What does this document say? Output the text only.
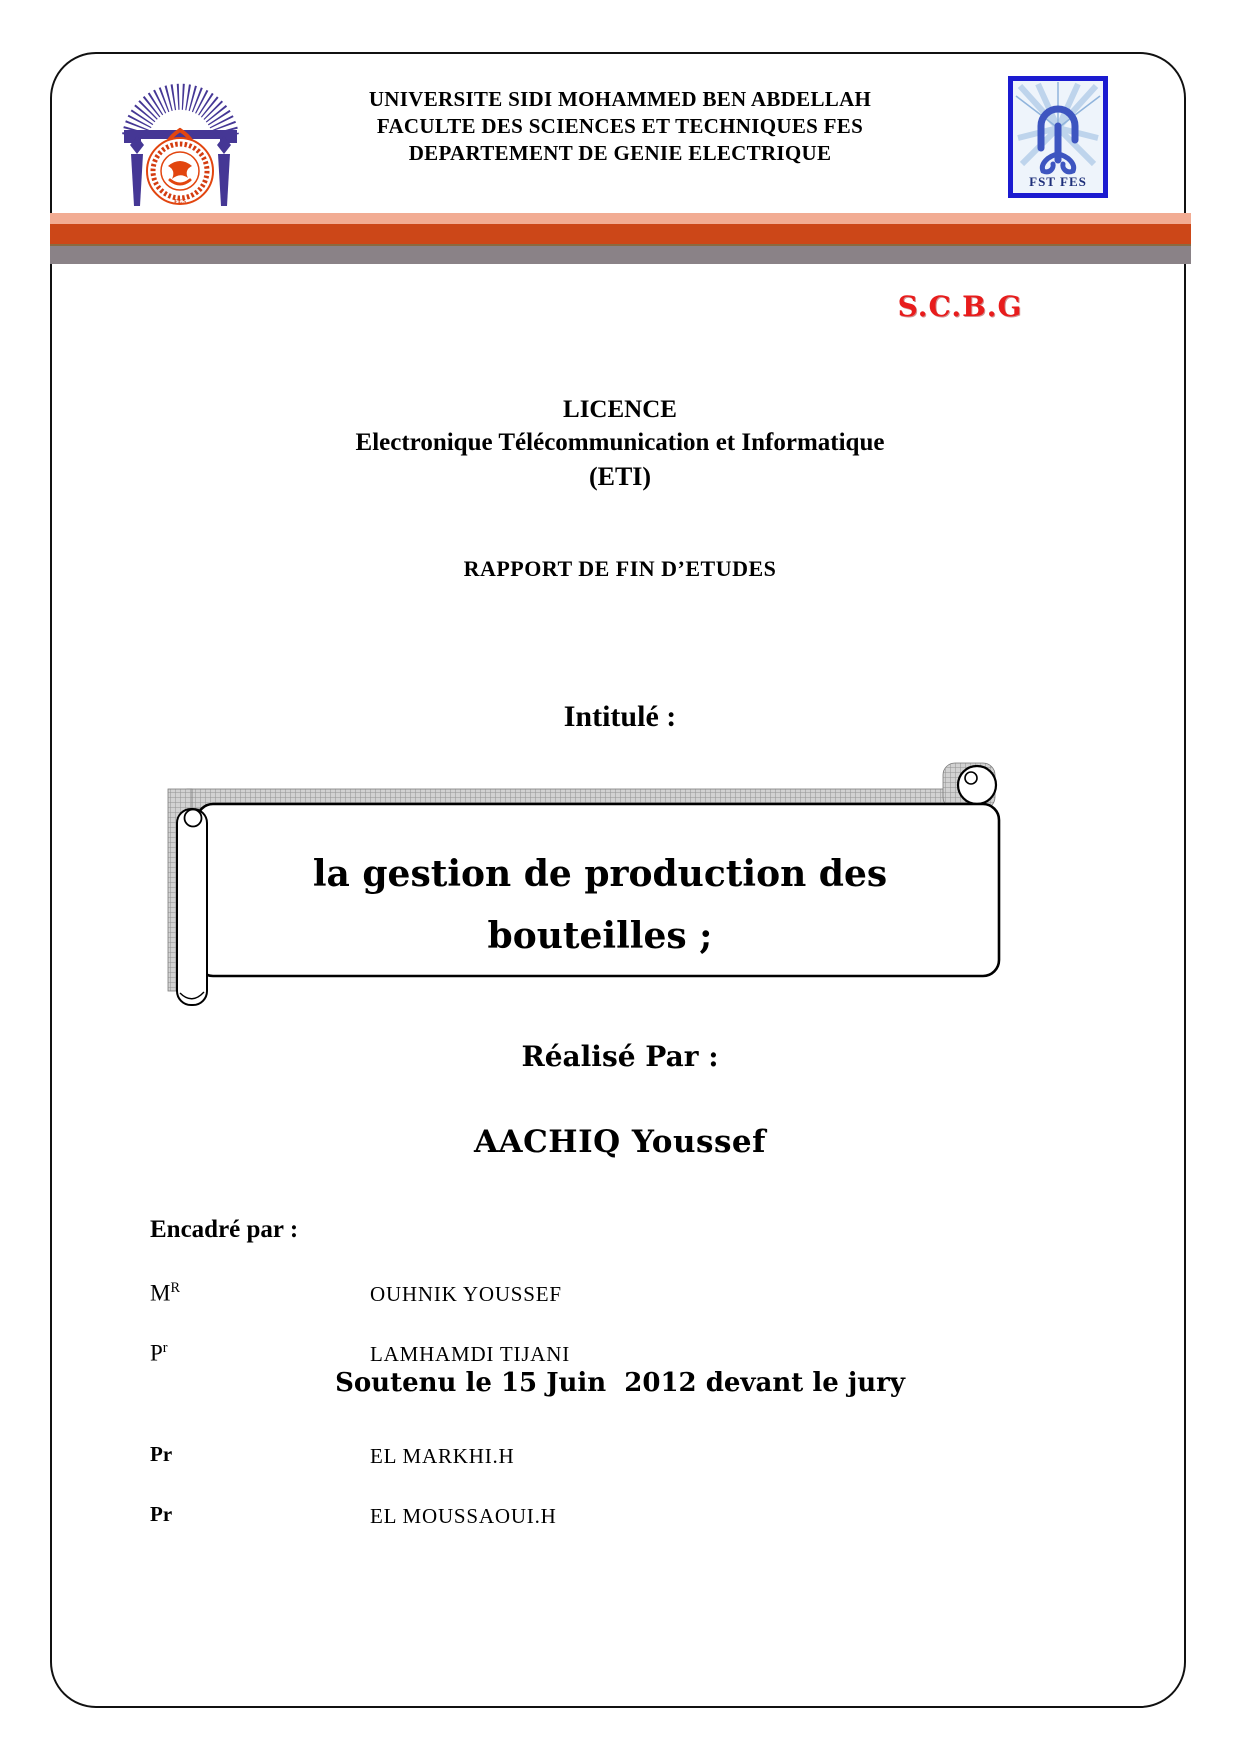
FES
UNIVERSITE SIDI MOHAMMED BEN ABDELLAH
FACULTE DES SCIENCES ET TECHNIQUES FES
DEPARTEMENT DE GENIE ELECTRIQUE
FST FES
S.C.B.G
LICENCE
Electronique Télécommunication et Informatique
(ETI)
RAPPORT DE FIN D’ETUDES
Intitulé :
la gestion de production des
bouteilles ;
Réalisé Par :
AACHIQ Youssef
Encadré par :
$M^R$	OUHNIK YOUSSEF
$P^r$	LAMHAMDI TIJANI
Soutenu le 15 Juin  2012 devant le jury
Pr	EL MARKHI.H
Pr	EL MOUSSAOUI.H
